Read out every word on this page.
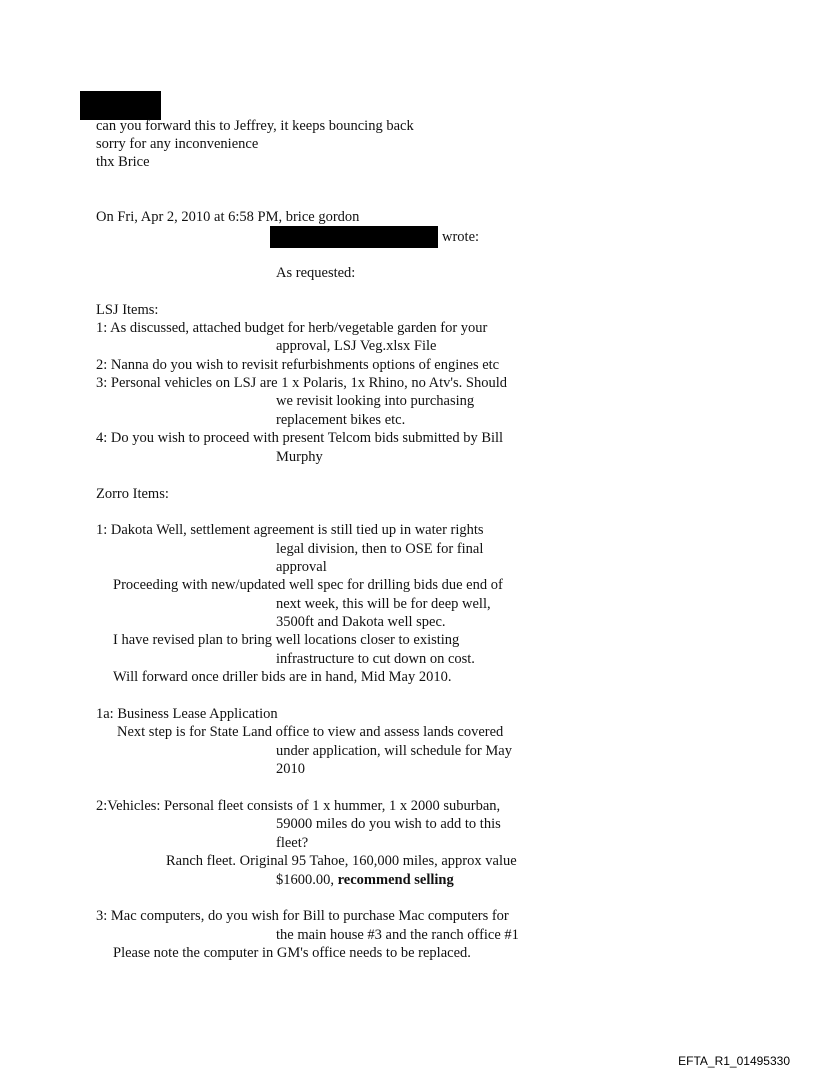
can you forward this to Jeffrey, it keeps bouncing back
sorry for any inconvenience
thx Brice
On Fri, Apr 2, 2010 at 6:58 PM, brice gordon
wrote:
As requested:
LSJ Items:
1: As discussed, attached budget for herb/vegetable garden for your
approval, LSJ Veg.xlsx File
2: Nanna do you wish to revisit refurbishments options of engines etc
3: Personal vehicles on LSJ are 1 x Polaris, 1x Rhino, no Atv's. Should
we revisit looking into purchasing
replacement bikes etc.
4: Do you wish to proceed with present Telcom bids submitted by Bill
Murphy
Zorro Items:
1: Dakota Well, settlement agreement is still tied up in water rights
legal division, then to OSE for final
approval
Proceeding with new/updated well spec for drilling bids due end of
next week, this will be for deep well,
3500ft and Dakota well spec.
I have revised plan to bring well locations closer to existing
infrastructure to cut down on cost.
Will forward once driller bids are in hand, Mid May 2010.
1a: Business Lease Application
Next step is for State Land office to view and assess lands covered
under application, will schedule for May
2010
2:Vehicles: Personal fleet consists of 1 x hummer, 1 x 2000 suburban,
59000 miles do you wish to add to this
fleet?
Ranch fleet. Original 95 Tahoe, 160,000 miles, approx value
$1600.00, recommend selling
3: Mac computers, do you wish for Bill to purchase Mac computers for
the main house #3 and the ranch office #1
Please note the computer in GM's office needs to be replaced.
EFTA_R1_01495330
